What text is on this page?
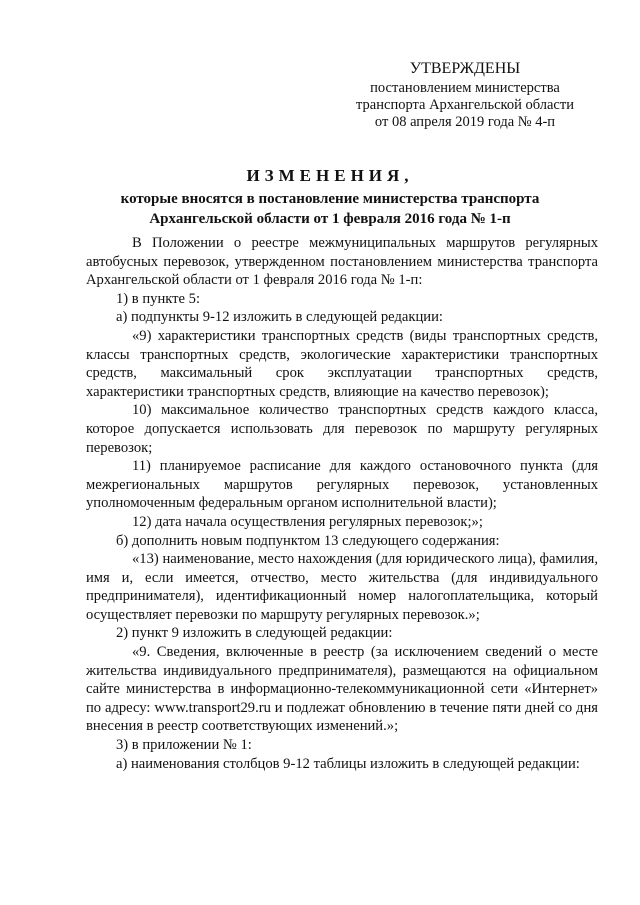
УТВЕРЖДЕНЫ
постановлением министерства
транспорта Архангельской области
от 08 апреля 2019 года № 4-п
ИЗМЕНЕНИЯ,
которые вносятся в постановление министерства транспорта
Архангельской области от 1 февраля 2016 года № 1-п

В Положении о реестре межмуниципальных маршрутов регулярных автобусных перевозок, утвержденном постановлением министерства транспорта Архангельской области от 1 февраля 2016 года № 1-п:

1) в пункте 5:

а) подпункты 9-12 изложить в следующей редакции:

«9) характеристики транспортных средств (виды транспортных средств, классы транспортных средств, экологические характеристики транспортных средств, максимальный срок эксплуатации транспортных средств, характеристики транспортных средств, влияющие на качество перевозок);

10) максимальное количество транспортных средств каждого класса, которое допускается использовать для перевозок по маршруту регулярных перевозок;

11) планируемое расписание для каждого остановочного пункта (для межрегиональных маршрутов регулярных перевозок, установленных уполномоченным федеральным органом исполнительной власти);

12) дата начала осуществления регулярных перевозок;»;

б) дополнить новым подпунктом 13 следующего содержания:

«13) наименование, место нахождения (для юридического лица), фамилия, имя и, если имеется, отчество, место жительства (для индивидуального предпринимателя), идентификационный номер налогоплательщика, который осуществляет перевозки по маршруту регулярных перевозок.»;

2) пункт 9 изложить в следующей редакции:

«9. Сведения, включенные в реестр (за исключением сведений о месте жительства индивидуального предпринимателя), размещаются на официальном сайте министерства в информационно-телекоммуникационной сети «Интернет» по адресу: www.transport29.ru и подлежат обновлению в течение пяти дней со дня внесения в реестр соответствующих изменений.»;

3) в приложении № 1:

а) наименования столбцов 9-12 таблицы изложить в следующей редакции:
